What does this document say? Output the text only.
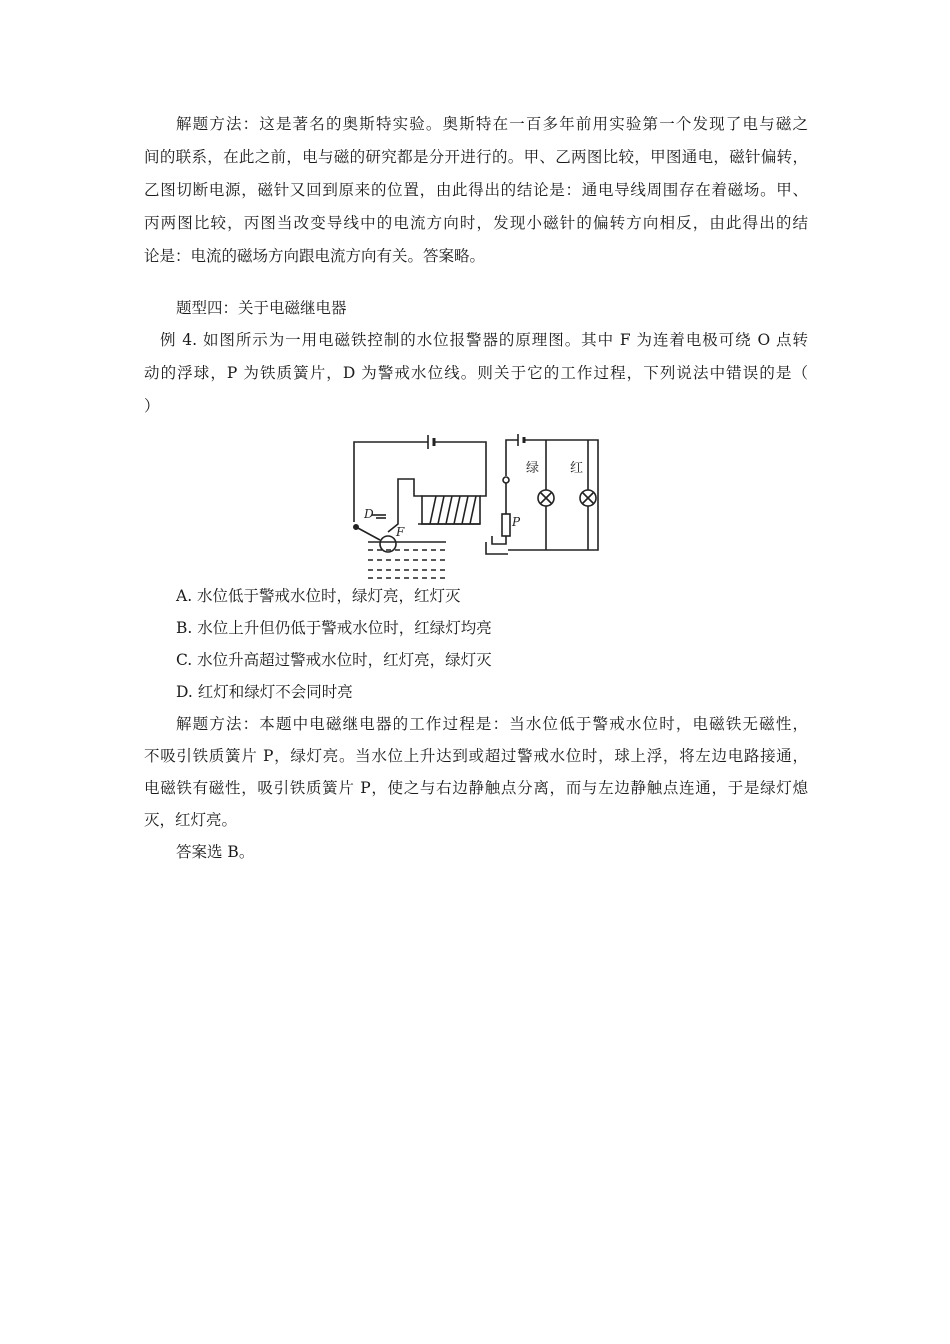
解题方法：这是著名的奥斯特实验。奥斯特在一百多年前用实验第一个发现了电与磁之
间的联系，在此之前，电与磁的研究都是分开进行的。甲、乙两图比较，甲图通电，磁针偏转，
乙图切断电源，磁针又回到原来的位置，由此得出的结论是：通电导线周围存在着磁场。甲、
丙两图比较，丙图当改变导线中的电流方向时，发现小磁针的偏转方向相反，由此得出的结
论是：电流的磁场方向跟电流方向有关。答案略。
题型四：关于电磁继电器
例 4. 如图所示为一用电磁铁控制的水位报警器的原理图。其中 F 为连着电极可绕 O 点转
动的浮球，P 为铁质簧片，D 为警戒水位线。则关于它的工作过程，下列说法中错误的是（
）
D
F
P
绿 红
A. 水位低于警戒水位时，绿灯亮，红灯灭
B. 水位上升但仍低于警戒水位时，红绿灯均亮
C. 水位升高超过警戒水位时，红灯亮，绿灯灭
D. 红灯和绿灯不会同时亮
解题方法：本题中电磁继电器的工作过程是：当水位低于警戒水位时，电磁铁无磁性，
不吸引铁质簧片 P，绿灯亮。当水位上升达到或超过警戒水位时，球上浮，将左边电路接通，
电磁铁有磁性，吸引铁质簧片 P，使之与右边静触点分离，而与左边静触点连通，于是绿灯熄
灭，红灯亮。
答案选 B。
